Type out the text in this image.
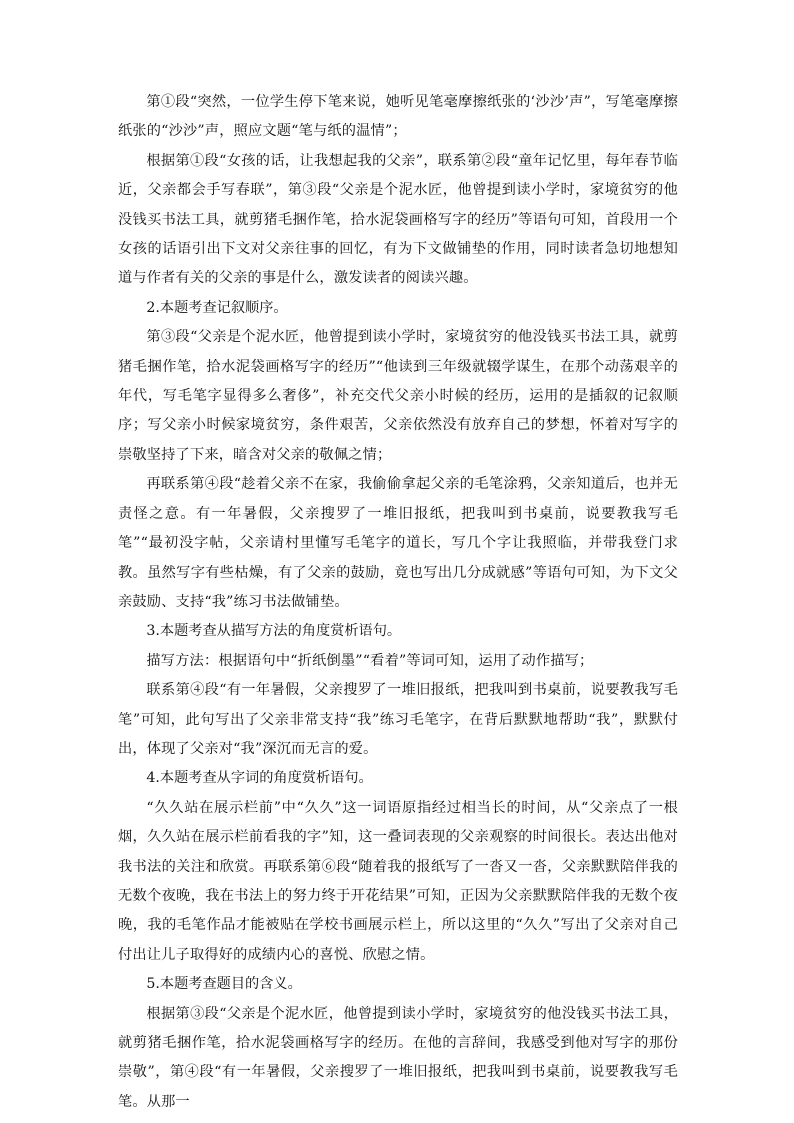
第①段“突然，一位学生停下笔来说，她听见笔毫摩擦纸张的‘沙沙’声”，写笔毫摩擦纸张的“沙沙”声，照应文题“笔与纸的温情”；

根据第①段“女孩的话，让我想起我的父亲”，联系第②段“童年记忆里，每年春节临近，父亲都会手写春联”，第③段“父亲是个泥水匠，他曾提到读小学时，家境贫穷的他没钱买书法工具，就剪猪毛捆作笔，拾水泥袋画格写字的经历”等语句可知，首段用一个女孩的话语引出下文对父亲往事的回忆，有为下文做铺垫的作用，同时读者急切地想知道与作者有关的父亲的事是什么，激发读者的阅读兴趣。

2.本题考查记叙顺序。

第③段“父亲是个泥水匠，他曾提到读小学时，家境贫穷的他没钱买书法工具，就剪猪毛捆作笔，拾水泥袋画格写字的经历”“他读到三年级就辍学谋生，在那个动荡艰辛的年代，写毛笔字显得多么奢侈”，补充交代父亲小时候的经历，运用的是插叙的记叙顺序；写父亲小时候家境贫穷，条件艰苦，父亲依然没有放弃自己的梦想，怀着对写字的崇敬坚持了下来，暗含对父亲的敬佩之情；

再联系第④段“趁着父亲不在家，我偷偷拿起父亲的毛笔涂鸦，父亲知道后，也并无责怪之意。有一年暑假，父亲搜罗了一堆旧报纸，把我叫到书桌前，说要教我写毛笔”“最初没字帖，父亲请村里懂写毛笔字的道长，写几个字让我照临，并带我登门求教。虽然写字有些枯燥，有了父亲的鼓励，竟也写出几分成就感”等语句可知，为下文父亲鼓励、支持“我”练习书法做铺垫。

3.本题考查从描写方法的角度赏析语句。

描写方法：根据语句中“折纸倒墨”“看着”等词可知，运用了动作描写；

联系第④段“有一年暑假，父亲搜罗了一堆旧报纸，把我叫到书桌前，说要教我写毛笔”可知，此句写出了父亲非常支持“我”练习毛笔字，在背后默默地帮助“我”，默默付出，体现了父亲对“我”深沉而无言的爱。

4.本题考查从字词的角度赏析语句。

“久久站在展示栏前”中“久久”这一词语原指经过相当长的时间，从“父亲点了一根烟，久久站在展示栏前看我的字”知，这一叠词表现的父亲观察的时间很长。表达出他对我书法的关注和欣赏。再联系第⑥段“随着我的报纸写了一沓又一沓，父亲默默陪伴我的无数个夜晚，我在书法上的努力终于开花结果”可知，正因为父亲默默陪伴我的无数个夜晚，我的毛笔作品才能被贴在学校书画展示栏上，所以这里的“久久”写出了父亲对自己付出让儿子取得好的成绩内心的喜悦、欣慰之情。

5.本题考查题目的含义。

根据第③段“父亲是个泥水匠，他曾提到读小学时，家境贫穷的他没钱买书法工具，就剪猪毛捆作笔，拾水泥袋画格写字的经历。在他的言辞间，我感受到他对写字的那份崇敬”，第④段“有一年暑假，父亲搜罗了一堆旧报纸，把我叫到书桌前，说要教我写毛笔。从那一
